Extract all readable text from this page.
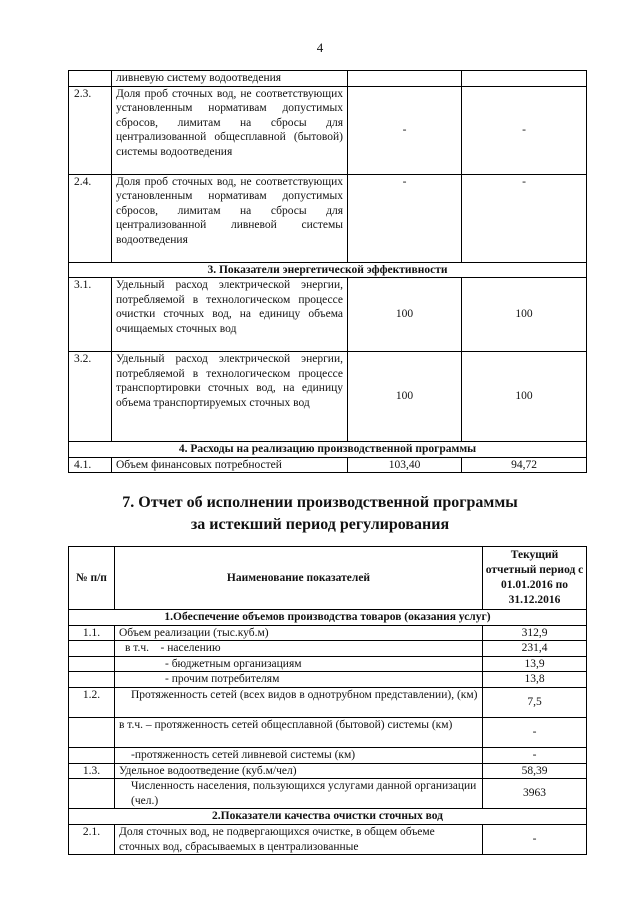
4
	ливневую систему водоотведения		
2.3.	Доля проб сточных вод, не соответствующих установленным нормативам допустимых сбросов, лимитам на сбросы для централизованной общесплавной (бытовой) системы водоотведения	-	-
2.4.	Доля проб сточных вод, не соответствующих установленным нормативам допустимых сбросов, лимитам на сбросы для централизованной ливневой системы водоотведения	-	-
3. Показатели энергетической эффективности			
3.1.	Удельный расход электрической энергии, потребляемой в технологическом процессе очистки сточных вод, на единицу объема очищаемых сточных вод	100	100
3.2.	Удельный расход электрической энергии, потребляемой в технологическом процессе транспортировки сточных вод, на единицу объема транспортируемых сточных вод	100	100
4. Расходы на реализацию производственной программы			
4.1.	Объем финансовых потребностей	103,40	94,72
7. Отчет об исполнении производственной программы
за истекший период регулирования
№ п/п	Наименование показателей	Текущий отчетный период с 01.01.2016 по 31.12.2016
1.Обеспечение объемов производства товаров (оказания услуг)		
1.1.	Объем реализации (тыс.куб.м)	312,9
	в т.ч.    - населению	231,4
	- бюджетным организациям	13,9
	- прочим потребителям	13,8
1.2.	Протяженность сетей (всех видов в однотрубном представлении), (км)	7,5
	в т.ч. – протяженность сетей общесплавной (бытовой) системы (км)	-
	-протяженность сетей ливневой системы (км)	-
1.3.	Удельное водоотведение (куб.м/чел)	58,39
	Численность населения, пользующихся услугами данной организации (чел.)	3963
2.Показатели качества очистки сточных вод		
2.1.	Доля сточных вод, не подвергающихся очистке, в общем объеме сточных вод, сбрасываемых в централизованные	-
